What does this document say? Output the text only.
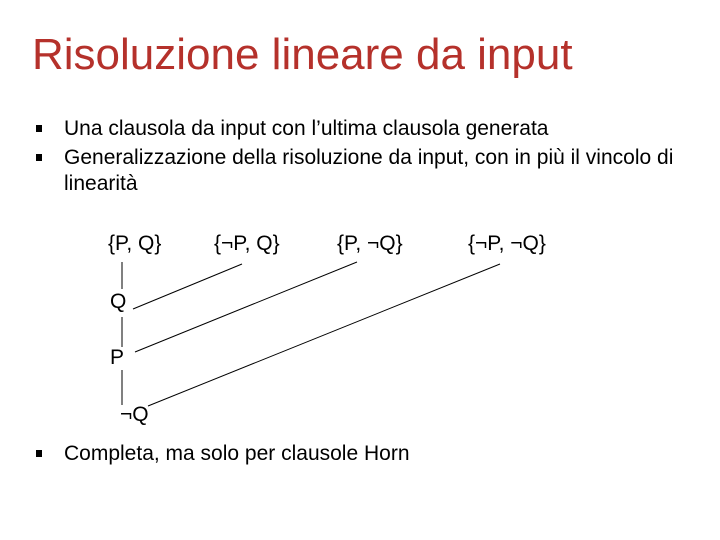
Risoluzione lineare da input
Una clausola da input con l’ultima clausola generata
Generalizzazione della risoluzione da input, con in più il vincolo di linearità
{P, Q}	{¬P, Q}	{P, ¬Q}	{¬P, ¬Q}
Q
P
¬Q
Completa, ma solo per clausole Horn
